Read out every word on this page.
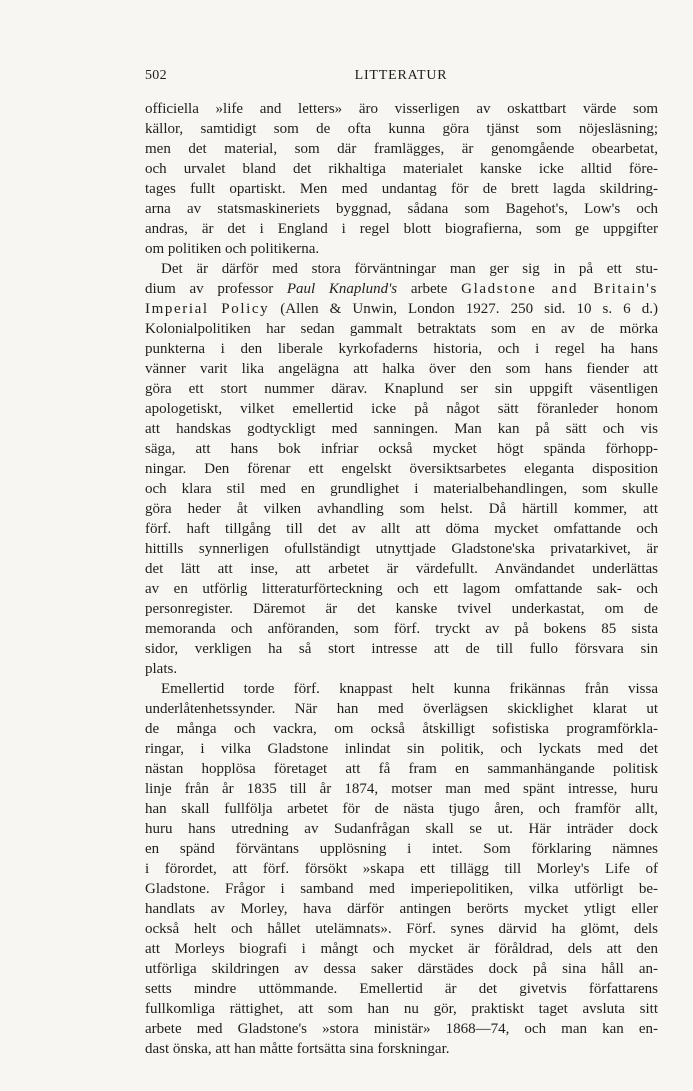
502	LITTERATUR
officiella »life and letters» äro visserligen av oskattbart värde som
källor, samtidigt som de ofta kunna göra tjänst som nöjesläsning;
men det material, som där framlägges, är genomgående obearbetat,
och urvalet bland det rikhaltiga materialet kanske icke alltid före-
tages fullt opartiskt. Men med undantag för de brett lagda skildring-
arna av statsmaskineriets byggnad, sådana som Bagehot's, Low's och
andras, är det i England i regel blott biografierna, som ge uppgifter
om politiken och politikerna.
Det är därför med stora förväntningar man ger sig in på ett stu-
dium av professor Paul Knaplund's arbete Gladstone and Britain's
Imperial Policy (Allen & Unwin, London 1927. 250 sid. 10 s. 6 d.)
Kolonialpolitiken har sedan gammalt betraktats som en av de mörka
punkterna i den liberale kyrkofaderns historia, och i regel ha hans
vänner varit lika angelägna att halka över den som hans fiender att
göra ett stort nummer därav. Knaplund ser sin uppgift väsentligen
apologetiskt, vilket emellertid icke på något sätt föranleder honom
att handskas godtyckligt med sanningen. Man kan på sätt och vis
säga, att hans bok infriar också mycket högt spända förhopp-
ningar. Den förenar ett engelskt översiktsarbetes eleganta disposition
och klara stil med en grundlighet i materialbehandlingen, som skulle
göra heder åt vilken avhandling som helst. Då härtill kommer, att
förf. haft tillgång till det av allt att döma mycket omfattande och
hittills synnerligen ofullständigt utnyttjade Gladstone'ska privatarkivet, är
det lätt att inse, att arbetet är värdefullt. Användandet underlättas
av en utförlig litteraturförteckning och ett lagom omfattande sak- och
personregister. Däremot är det kanske tvivel underkastat, om de
memoranda och anföranden, som förf. tryckt av på bokens 85 sista
sidor, verkligen ha så stort intresse att de till fullo försvara sin
plats.
Emellertid torde förf. knappast helt kunna frikännas från vissa
underlåtenhetssynder. När han med överlägsen skicklighet klarat ut
de många och vackra, om också åtskilligt sofistiska programförkla-
ringar, i vilka Gladstone inlindat sin politik, och lyckats med det
nästan hopplösa företaget att få fram en sammanhängande politisk
linje från år 1835 till år 1874, motser man med spänt intresse, huru
han skall fullfölja arbetet för de nästa tjugo åren, och framför allt,
huru hans utredning av Sudanfrågan skall se ut. Här inträder dock
en spänd förväntans upplösning i intet. Som förklaring nämnes
i förordet, att förf. försökt »skapa ett tillägg till Morley's Life of
Gladstone. Frågor i samband med imperiepolitiken, vilka utförligt be-
handlats av Morley, hava därför antingen berörts mycket ytligt eller
också helt och hållet utelämnats». Förf. synes därvid ha glömt, dels
att Morleys biografi i mångt och mycket är föråldrad, dels att den
utförliga skildringen av dessa saker därstädes dock på sina håll an-
setts mindre uttömmande. Emellertid är det givetvis författarens
fullkomliga rättighet, att som han nu gör, praktiskt taget avsluta sitt
arbete med Gladstone's »stora ministär» 1868—74, och man kan en-
dast önska, att han måtte fortsätta sina forskningar.
